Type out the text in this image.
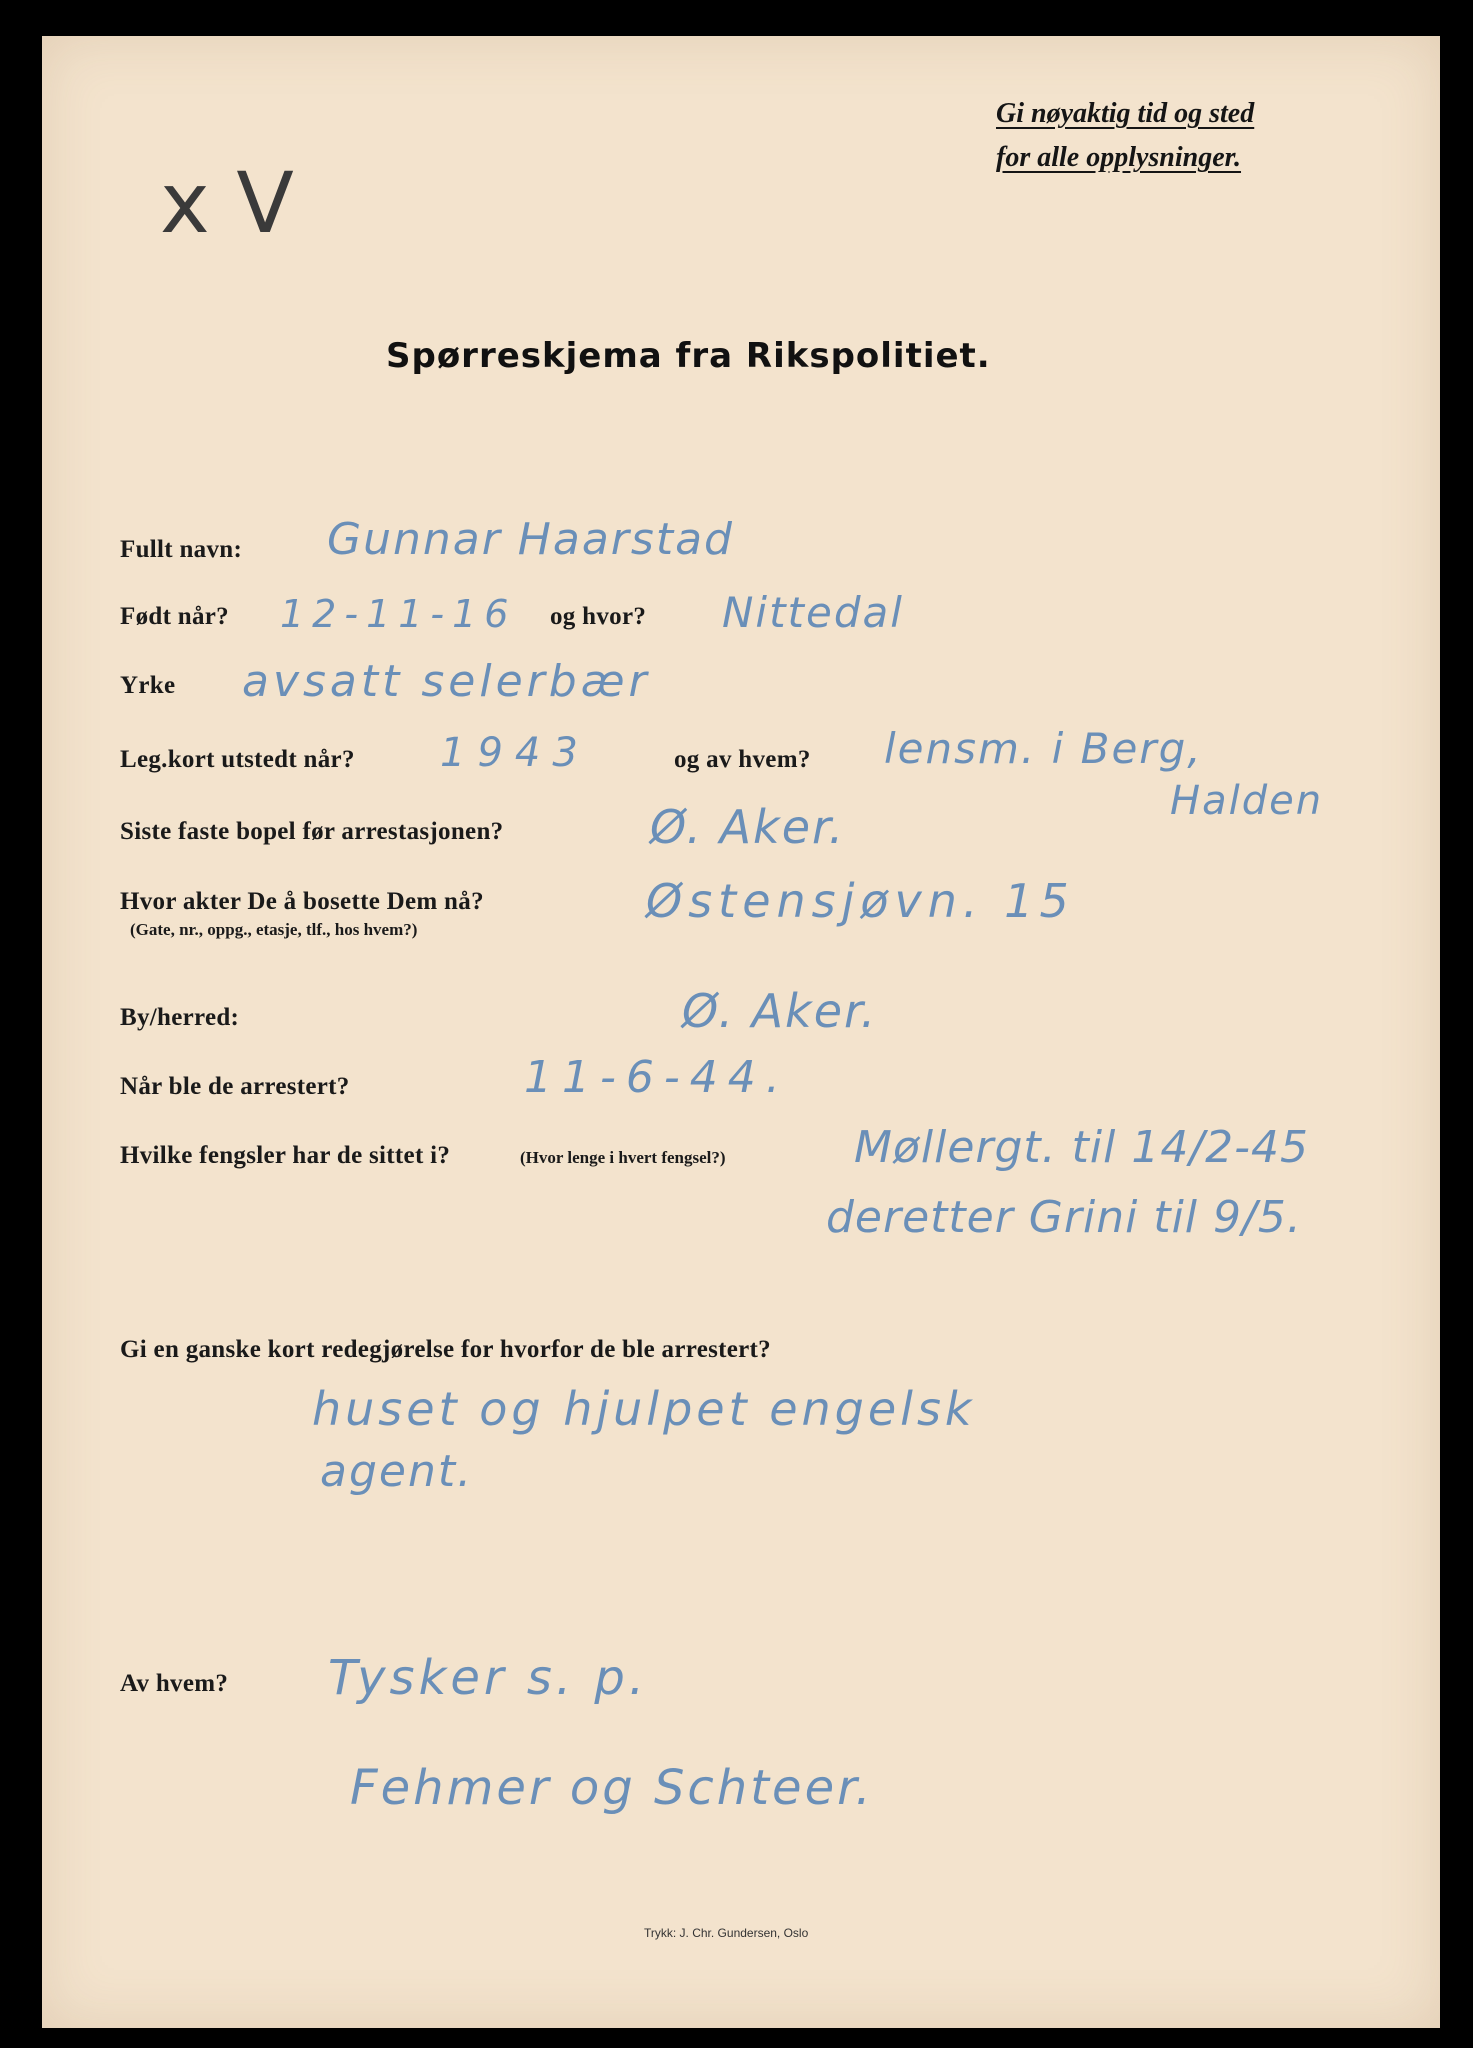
Gi nøyaktig tid og sted
for alle opplysninger.
x V
Spørreskjema fra Rikspolitiet.
Fullt navn: Gunnar Haarstad
Født når? 12-11-16 og hvor? Nittedal
Yrke avsatt selerbær
Leg.kort utstedt når? 1943	og av hvem? lensm. i Berg,
Halden
Siste faste bopel før arrestasjonen?	Ø. Aker.
Hvor akter De å bosette Dem nå?
(Gate, nr., oppg., etasje, tlf., hos hvem?)
Østensjøvn. 15
By/herred:	Ø. Aker.
Når ble de arrestert?	11-6-44.
Hvilke fengsler har de sittet i?	(Hvor lenge i hvert fengsel?)	Møllergt. til 14/2-45
deretter Grini til 9/5.
Gi en ganske kort redegjørelse for hvorfor de ble arrestert?
huset og hjulpet engelsk
agent.
Av hvem? Tysker s. p.
Fehmer og Schteer.
Trykk: J. Chr. Gundersen, Oslo
